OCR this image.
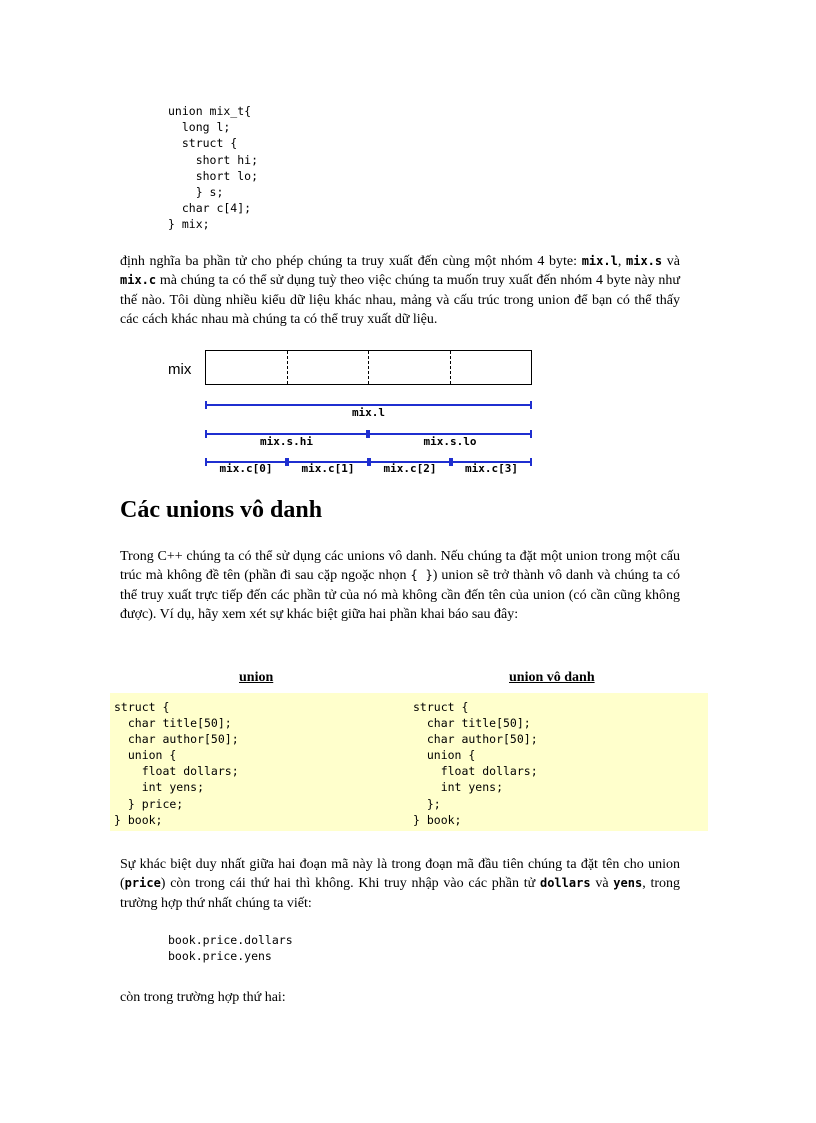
union mix_t{
long l;
struct {
short hi;
short lo;
} s;
char c[4];
} mix;

định nghĩa ba phần tử cho phép chúng ta truy xuất đến cùng một nhóm 4 byte: mix.l, mix.s và mix.c mà chúng ta có thể sử dụng tuỳ theo việc chúng ta muốn truy xuất đến nhóm 4 byte này như thế nào. Tôi dùng nhiều kiểu dữ liệu khác nhau, mảng và cấu trúc trong union để bạn có thể thấy các cách khác nhau mà chúng ta có thể truy xuất dữ liệu.

mix
mix.l
mix.s.hi	mix.s.lo
mix.c[0]	mix.c[1]	mix.c[2]	mix.c[3]
Các unions vô danh

Trong C++ chúng ta có thể sử dụng các unions vô danh. Nếu chúng ta đặt một union trong một cấu trúc mà không đề tên (phần đi sau cặp ngoặc nhọn { }) union sẽ trở thành vô danh và chúng ta có thể truy xuất trực tiếp đến các phần tử của nó mà không cần đến tên của union (có cần cũng không được). Ví dụ, hãy xem xét sự khác biệt giữa hai phần khai báo sau đây:

union	union vô danh
struct {
char title[50];
char author[50];
union {
float dollars;
int yens;
} price;
} book;
struct {
char title[50];
char author[50];
union {
float dollars;
int yens;
};
} book;

Sự khác biệt duy nhất giữa hai đoạn mã này là trong đoạn mã đầu tiên chúng ta đặt tên cho union (price) còn trong cái thứ hai thì không. Khi truy nhập vào các phần tử dollars và yens, trong trường hợp thứ nhất chúng ta viết:

book.price.dollars
book.price.yens

còn trong trường hợp thứ hai:
